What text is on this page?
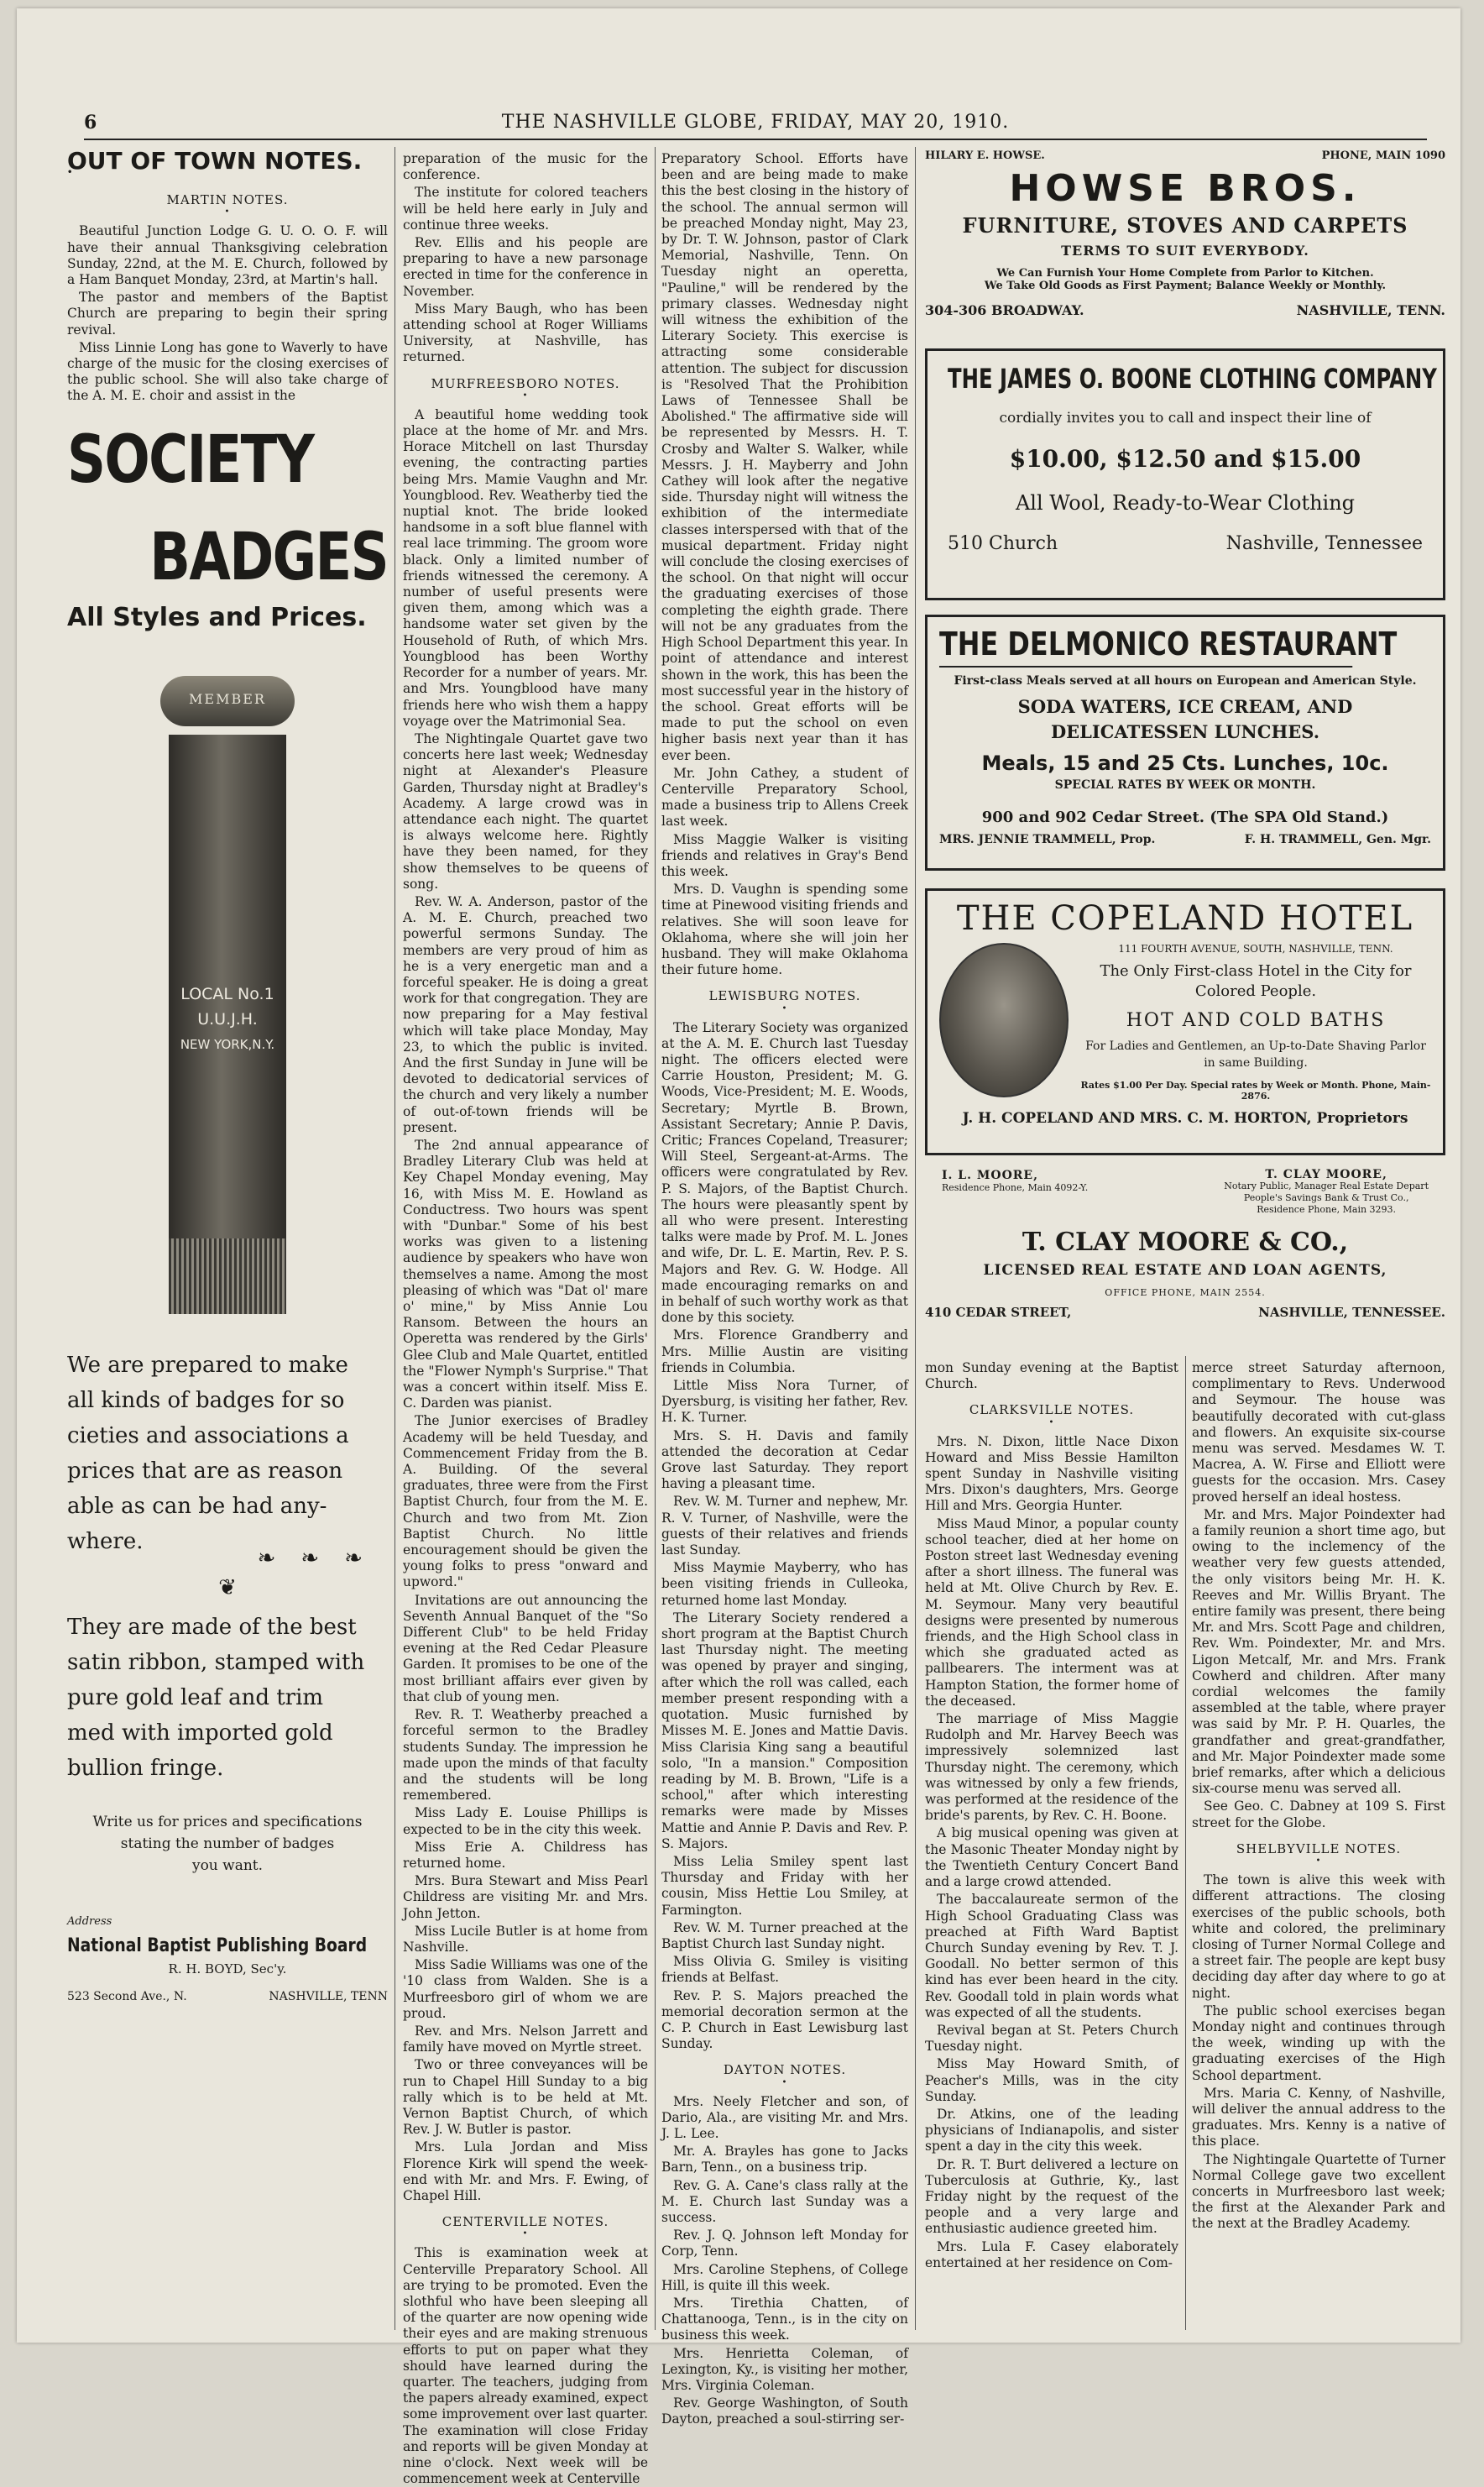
6	THE NASHVILLE GLOBE, FRIDAY, MAY 20, 1910.
OUT OF TOWN NOTES. •
MARTIN NOTES. •

Beautiful Junction Lodge G. U. O. O. F. will have their annual Thanksgiving celebration Sunday, 22nd, at the M. E. Church, followed by a Ham Banquet Monday, 23rd, at Martin's hall.

The pastor and members of the Baptist Church are preparing to begin their spring revival.

Miss Linnie Long has gone to Waverly to have charge of the music for the closing exercises of the public school. She will also take charge of the A. M. E. choir and assist in the

SOCIETY
BADGES
All Styles and Prices.
MEMBER
LOCAL No.1
U.U.J.H.
NEW YORK,N.Y.
We are prepared to make
all kinds of badges for so
cieties and associations a
prices that are as reason
able as can be had any-
where.
❧❧❧
❦
They are made of the best
satin ribbon, stamped with
pure gold leaf and trim
med with imported gold
bullion fringe.
Write us for prices and specifications
stating the number of badges
you want.
Address
National Baptist Publishing Board
R. H. BOYD, Sec'y.
523 Second Ave., N.	NASHVILLE, TENN

preparation of the music for the conference.

The institute for colored teachers will be held here early in July and continue three weeks.

Rev. Ellis and his people are preparing to have a new parsonage erected in time for the conference in November.

Miss Mary Baugh, who has been attending school at Roger Williams University, at Nashville, has returned.

MURFREESBORO NOTES. •

A beautiful home wedding took place at the home of Mr. and Mrs. Horace Mitchell on last Thursday evening, the contracting parties being Mrs. Mamie Vaughn and Mr. Youngblood. Rev. Weatherby tied the nuptial knot. The bride looked handsome in a soft blue flannel with real lace trimming. The groom wore black. Only a limited number of friends witnessed the ceremony. A number of useful presents were given them, among which was a handsome water set given by the Household of Ruth, of which Mrs. Youngblood has been Worthy Recorder for a number of years. Mr. and Mrs. Youngblood have many friends here who wish them a happy voyage over the Matrimonial Sea.

The Nightingale Quartet gave two concerts here last week; Wednesday night at Alexander's Pleasure Garden, Thursday night at Bradley's Academy. A large crowd was in attendance each night. The quartet is always welcome here. Rightly have they been named, for they show themselves to be queens of song.

Rev. W. A. Anderson, pastor of the A. M. E. Church, preached two powerful sermons Sunday. The members are very proud of him as he is a very energetic man and a forceful speaker. He is doing a great work for that congregation. They are now preparing for a May festival which will take place Monday, May 23, to which the public is invited. And the first Sunday in June will be devoted to dedicatorial services of the church and very likely a number of out-of-town friends will be present.

The 2nd annual appearance of Bradley Literary Club was held at Key Chapel Monday evening, May 16, with Miss M. E. Howland as Conductress. Two hours was spent with "Dunbar." Some of his best works was given to a listening audience by speakers who have won themselves a name. Among the most pleasing of which was "Dat ol' mare o' mine," by Miss Annie Lou Ransom. Between the hours an Operetta was rendered by the Girls' Glee Club and Male Quartet, entitled the "Flower Nymph's Surprise." That was a concert within itself. Miss E. C. Darden was pianist.

The Junior exercises of Bradley Academy will be held Tuesday, and Commencement Friday from the B. A. Building. Of the several graduates, three were from the First Baptist Church, four from the M. E. Church and two from Mt. Zion Baptist Church. No little encouragement should be given the young folks to press "onward and upword."

Invitations are out announcing the Seventh Annual Banquet of the "So Different Club" to be held Friday evening at the Red Cedar Pleasure Garden. It promises to be one of the most brilliant affairs ever given by that club of young men.

Rev. R. T. Weatherby preached a forceful sermon to the Bradley students Sunday. The impression he made upon the minds of that faculty and the students will be long remembered.

Miss Lady E. Louise Phillips is expected to be in the city this week.

Miss Erie A. Childress has returned home.

Mrs. Bura Stewart and Miss Pearl Childress are visiting Mr. and Mrs. John Jetton.

Miss Lucile Butler is at home from Nashville.

Miss Sadie Williams was one of the '10 class from Walden. She is a Murfreesboro girl of whom we are proud.

Rev. and Mrs. Nelson Jarrett and family have moved on Myrtle street.

Two or three conveyances will be run to Chapel Hill Sunday to a big rally which is to be held at Mt. Vernon Baptist Church, of which Rev. J. W. Butler is pastor.

Mrs. Lula Jordan and Miss Florence Kirk will spend the week-end with Mr. and Mrs. F. Ewing, of Chapel Hill.

CENTERVILLE NOTES. •

This is examination week at Centerville Preparatory School. All are trying to be promoted. Even the slothful who have been sleeping all of the quarter are now opening wide their eyes and are making strenuous efforts to put on paper what they should have learned during the quarter. The teachers, judging from the papers already examined, expect some improvement over last quarter. The examination will close Friday and reports will be given Monday at nine o'clock. Next week will be commencement week at Centerville

Preparatory School. Efforts have been and are being made to make this the best closing in the history of the school. The annual sermon will be preached Monday night, May 23, by Dr. T. W. Johnson, pastor of Clark Memorial, Nashville, Tenn. On Tuesday night an operetta, "Pauline," will be rendered by the primary classes. Wednesday night will witness the exhibition of the Literary Society. This exercise is attracting some considerable attention. The subject for discussion is "Resolved That the Prohibition Laws of Tennessee Shall be Abolished." The affirmative side will be represented by Messrs. H. T. Crosby and Walter S. Walker, while Messrs. J. H. Mayberry and John Cathey will look after the negative side. Thursday night will witness the exhibition of the intermediate classes interspersed with that of the musical department. Friday night will conclude the closing exercises of the school. On that night will occur the graduating exercises of those completing the eighth grade. There will not be any graduates from the High School Department this year. In point of attendance and interest shown in the work, this has been the most successful year in the history of the school. Great efforts will be made to put the school on even higher basis next year than it has ever been.

Mr. John Cathey, a student of Centerville Preparatory School, made a business trip to Allens Creek last week.

Miss Maggie Walker is visiting friends and relatives in Gray's Bend this week.

Mrs. D. Vaughn is spending some time at Pinewood visiting friends and relatives. She will soon leave for Oklahoma, where she will join her husband. They will make Oklahoma their future home.

LEWISBURG NOTES. •

The Literary Society was organized at the A. M. E. Church last Tuesday night. The officers elected were Carrie Houston, President; M. G. Woods, Vice-President; M. E. Woods, Secretary; Myrtle B. Brown, Assistant Secretary; Annie P. Davis, Critic; Frances Copeland, Treasurer; Will Steel, Sergeant-at-Arms. The officers were congratulated by Rev. P. S. Majors, of the Baptist Church. The hours were pleasantly spent by all who were present. Interesting talks were made by Prof. M. L. Jones and wife, Dr. L. E. Martin, Rev. P. S. Majors and Rev. G. W. Hodge. All made encouraging remarks on and in behalf of such worthy work as that done by this society.

Mrs. Florence Grandberry and Mrs. Millie Austin are visiting friends in Columbia.

Little Miss Nora Turner, of Dyersburg, is visiting her father, Rev. H. K. Turner.

Mrs. S. H. Davis and family attended the decoration at Cedar Grove last Saturday. They report having a pleasant time.

Rev. W. M. Turner and nephew, Mr. R. V. Turner, of Nashville, were the guests of their relatives and friends last Sunday.

Miss Maymie Mayberry, who has been visiting friends in Culleoka, returned home last Monday.

The Literary Society rendered a short program at the Baptist Church last Thursday night. The meeting was opened by prayer and singing, after which the roll was called, each member present responding with a quotation. Music furnished by Misses M. E. Jones and Mattie Davis. Miss Clarisia King sang a beautiful solo, "In a mansion." Composition reading by M. B. Brown, "Life is a school," after which interesting remarks were made by Misses Mattie and Annie P. Davis and Rev. P. S. Majors.

Miss Lelia Smiley spent last Thursday and Friday with her cousin, Miss Hettie Lou Smiley, at Farmington.

Rev. W. M. Turner preached at the Baptist Church last Sunday night.

Miss Olivia G. Smiley is visiting friends at Belfast.

Rev. P. S. Majors preached the memorial decoration sermon at the C. P. Church in East Lewisburg last Sunday.

DAYTON NOTES. •

Mrs. Neely Fletcher and son, of Dario, Ala., are visiting Mr. and Mrs. J. L. Lee.

Mr. A. Brayles has gone to Jacks Barn, Tenn., on a business trip.

Rev. G. A. Cane's class rally at the M. E. Church last Sunday was a success.

Rev. J. Q. Johnson left Monday for Corp, Tenn.

Mrs. Caroline Stephens, of College Hill, is quite ill this week.

Mrs. Tirethia Chatten, of Chattanooga, Tenn., is in the city on business this week.

Mrs. Henrietta Coleman, of Lexington, Ky., is visiting her mother, Mrs. Virginia Coleman.

Rev. George Washington, of South Dayton, preached a soul-stirring ser-

HILARY E. HOWSE.	PHONE, MAIN 1090
HOWSE BROS.
FURNITURE, STOVES AND CARPETS
TERMS TO SUIT EVERYBODY.
We Can Furnish Your Home Complete from Parlor to Kitchen.
We Take Old Goods as First Payment; Balance Weekly or Monthly.
304-306 BROADWAY.	NASHVILLE, TENN.
THE JAMES O. BOONE CLOTHING COMPANY
cordially invites you to call and inspect their line of
$10.00, $12.50 and $15.00
All Wool, Ready-to-Wear Clothing
510 Church	Nashville, Tennessee
THE DELMONICO RESTAURANT
First-class Meals served at all hours on European and American Style.
SODA WATERS, ICE CREAM, AND DELICATESSEN LUNCHES.
Meals, 15 and 25 Cts. Lunches, 10c.
SPECIAL RATES BY WEEK OR MONTH.
900 and 902 Cedar Street. (The SPA Old Stand.)
MRS. JENNIE TRAMMELL, Prop.	F. H. TRAMMELL, Gen. Mgr.
THE COPELAND HOTEL
111 FOURTH AVENUE, SOUTH, NASHVILLE, TENN.
The Only First-class Hotel in the City for Colored People.
HOT AND COLD BATHS
For Ladies and Gentlemen, an Up-to-Date Shaving Parlor in same Building.
Rates $1.00 Per Day. Special rates by Week or Month. Phone, Main-2876.
J. H. COPELAND AND MRS. C. M. HORTON, Proprietors
I. L. MOORE,
Residence Phone, Main 4092-Y.
T. CLAY MOORE,
Notary Public, Manager Real Estate Depart
People's Savings Bank & Trust Co.,
Residence Phone, Main 3293.
T. CLAY MOORE & CO.,
LICENSED REAL ESTATE AND LOAN AGENTS,
OFFICE PHONE, MAIN 2554.
410 CEDAR STREET,	NASHVILLE, TENNESSEE.

mon Sunday evening at the Baptist Church.

CLARKSVILLE NOTES. •

Mrs. N. Dixon, little Nace Dixon Howard and Miss Bessie Hamilton spent Sunday in Nashville visiting Mrs. Dixon's daughters, Mrs. George Hill and Mrs. Georgia Hunter.

Miss Maud Minor, a popular county school teacher, died at her home on Poston street last Wednesday evening after a short illness. The funeral was held at Mt. Olive Church by Rev. E. M. Seymour. Many very beautiful designs were presented by numerous friends, and the High School class in which she graduated acted as pallbearers. The interment was at Hampton Station, the former home of the deceased.

The marriage of Miss Maggie Rudolph and Mr. Harvey Beech was impressively solemnized last Thursday night. The ceremony, which was witnessed by only a few friends, was performed at the residence of the bride's parents, by Rev. C. H. Boone.

A big musical opening was given at the Masonic Theater Monday night by the Twentieth Century Concert Band and a large crowd attended.

The baccalaureate sermon of the High School Graduating Class was preached at Fifth Ward Baptist Church Sunday evening by Rev. T. J. Goodall. No better sermon of this kind has ever been heard in the city. Rev. Goodall told in plain words what was expected of all the students.

Revival began at St. Peters Church Tuesday night.

Miss May Howard Smith, of Peacher's Mills, was in the city Sunday.

Dr. Atkins, one of the leading physicians of Indianapolis, and sister spent a day in the city this week.

Dr. R. T. Burt delivered a lecture on Tuberculosis at Guthrie, Ky., last Friday night by the request of the people and a very large and enthusiastic audience greeted him.

Mrs. Lula F. Casey elaborately entertained at her residence on Com-

merce street Saturday afternoon, complimentary to Revs. Underwood and Seymour. The house was beautifully decorated with cut-glass and flowers. An exquisite six-course menu was served. Mesdames W. T. Macrea, A. W. Firse and Elliott were guests for the occasion. Mrs. Casey proved herself an ideal hostess.

Mr. and Mrs. Major Poindexter had a family reunion a short time ago, but owing to the inclemency of the weather very few guests attended, the only visitors being Mr. H. K. Reeves and Mr. Willis Bryant. The entire family was present, there being Mr. and Mrs. Scott Page and children, Rev. Wm. Poindexter, Mr. and Mrs. Ligon Metcalf, Mr. and Mrs. Frank Cowherd and children. After many cordial welcomes the family assembled at the table, where prayer was said by Mr. P. H. Quarles, the grandfather and great-grandfather, and Mr. Major Poindexter made some brief remarks, after which a delicious six-course menu was served all.

See Geo. C. Dabney at 109 S. First street for the Globe.

SHELBYVILLE NOTES. •

The town is alive this week with different attractions. The closing exercises of the public schools, both white and colored, the preliminary closing of Turner Normal College and a street fair. The people are kept busy deciding day after day where to go at night.

The public school exercises began Monday night and continues through the week, winding up with the graduating exercises of the High School department.

Mrs. Maria C. Kenny, of Nashville, will deliver the annual address to the graduates. Mrs. Kenny is a native of this place.

The Nightingale Quartette of Turner Normal College gave two excellent concerts in Murfreesboro last week; the first at the Alexander Park and the next at the Bradley Academy.
